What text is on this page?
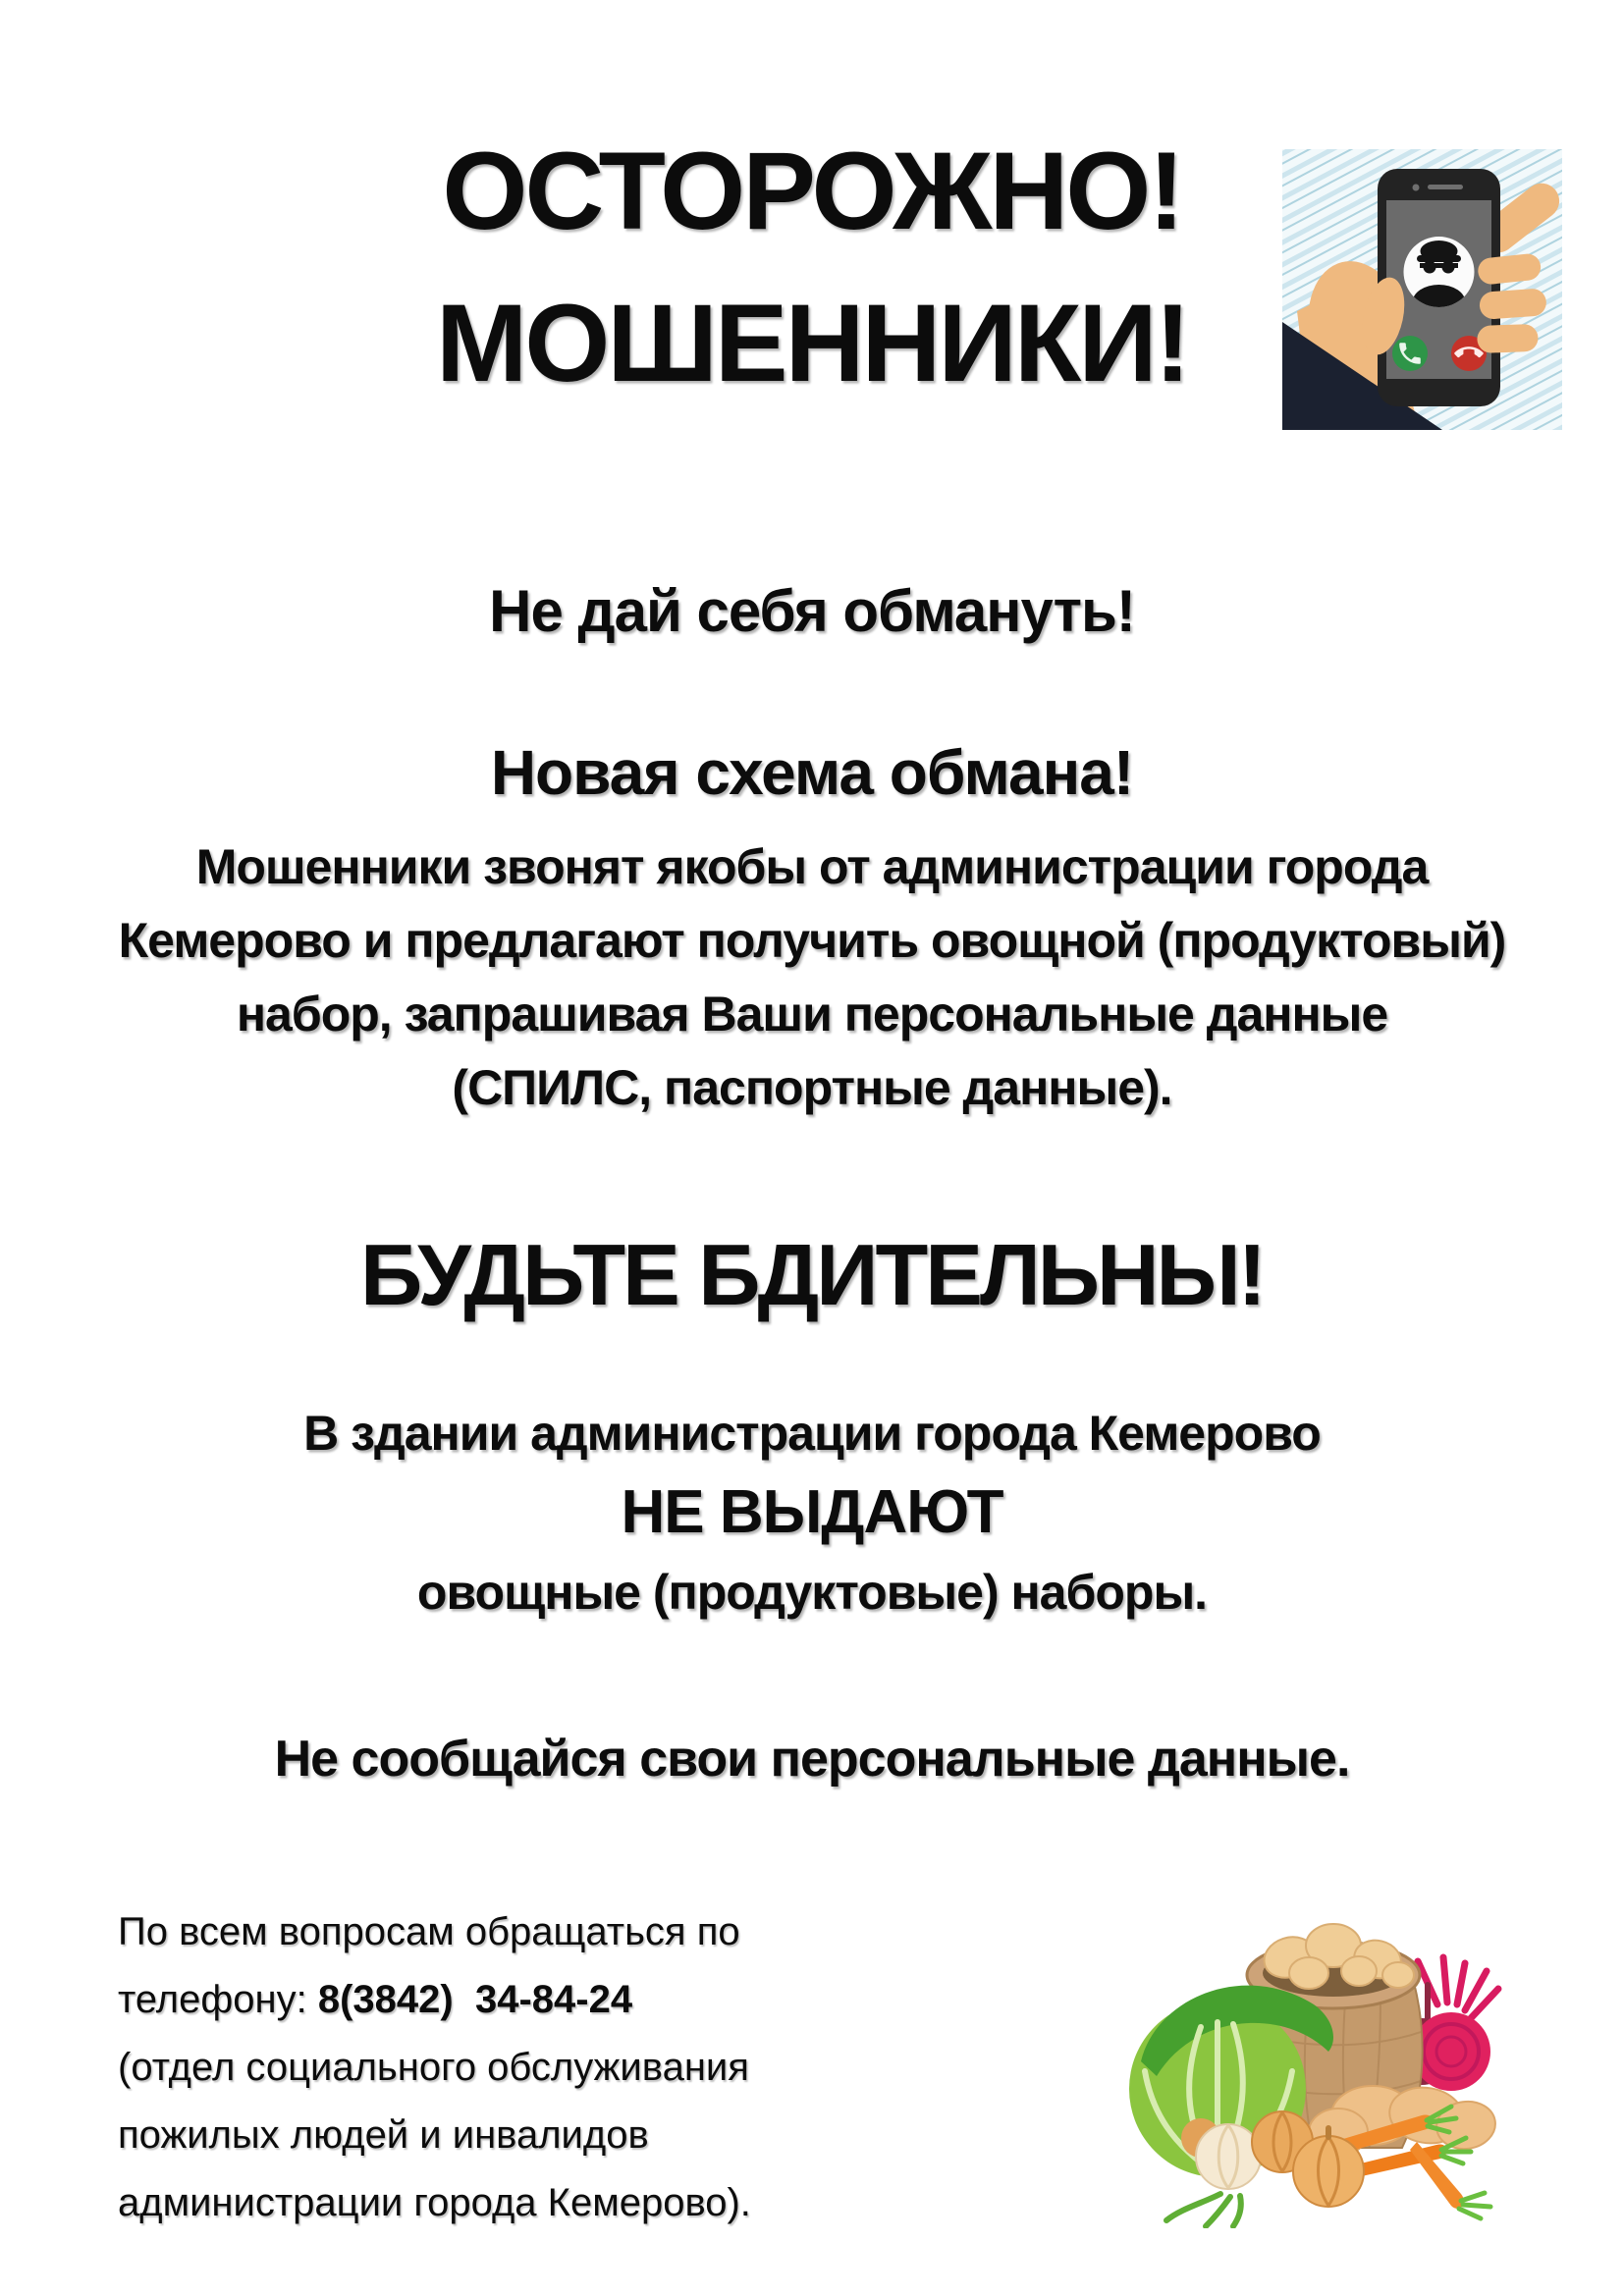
ОСТОРОЖНО!
МОШЕННИКИ!
Не дай себя обмануть!
Новая схема обмана!
Мошенники звонят якобы от администрации города
Кемерово и предлагают получить овощной (продуктовый)
набор, запрашивая Ваши персональные данные
(СПИЛС, паспортные данные).
БУДЬТЕ БДИТЕЛЬНЫ!
В здании администрации города Кемерово
НЕ ВЫДАЮТ
овощные (продуктовые) наборы.
Не сообщайся свои персональные данные.
По всем вопросам обращаться по
телефону: 8(3842)  34-84-24
(отдел социального обслуживания
пожилых людей и инвалидов
администрации города Кемерово).
